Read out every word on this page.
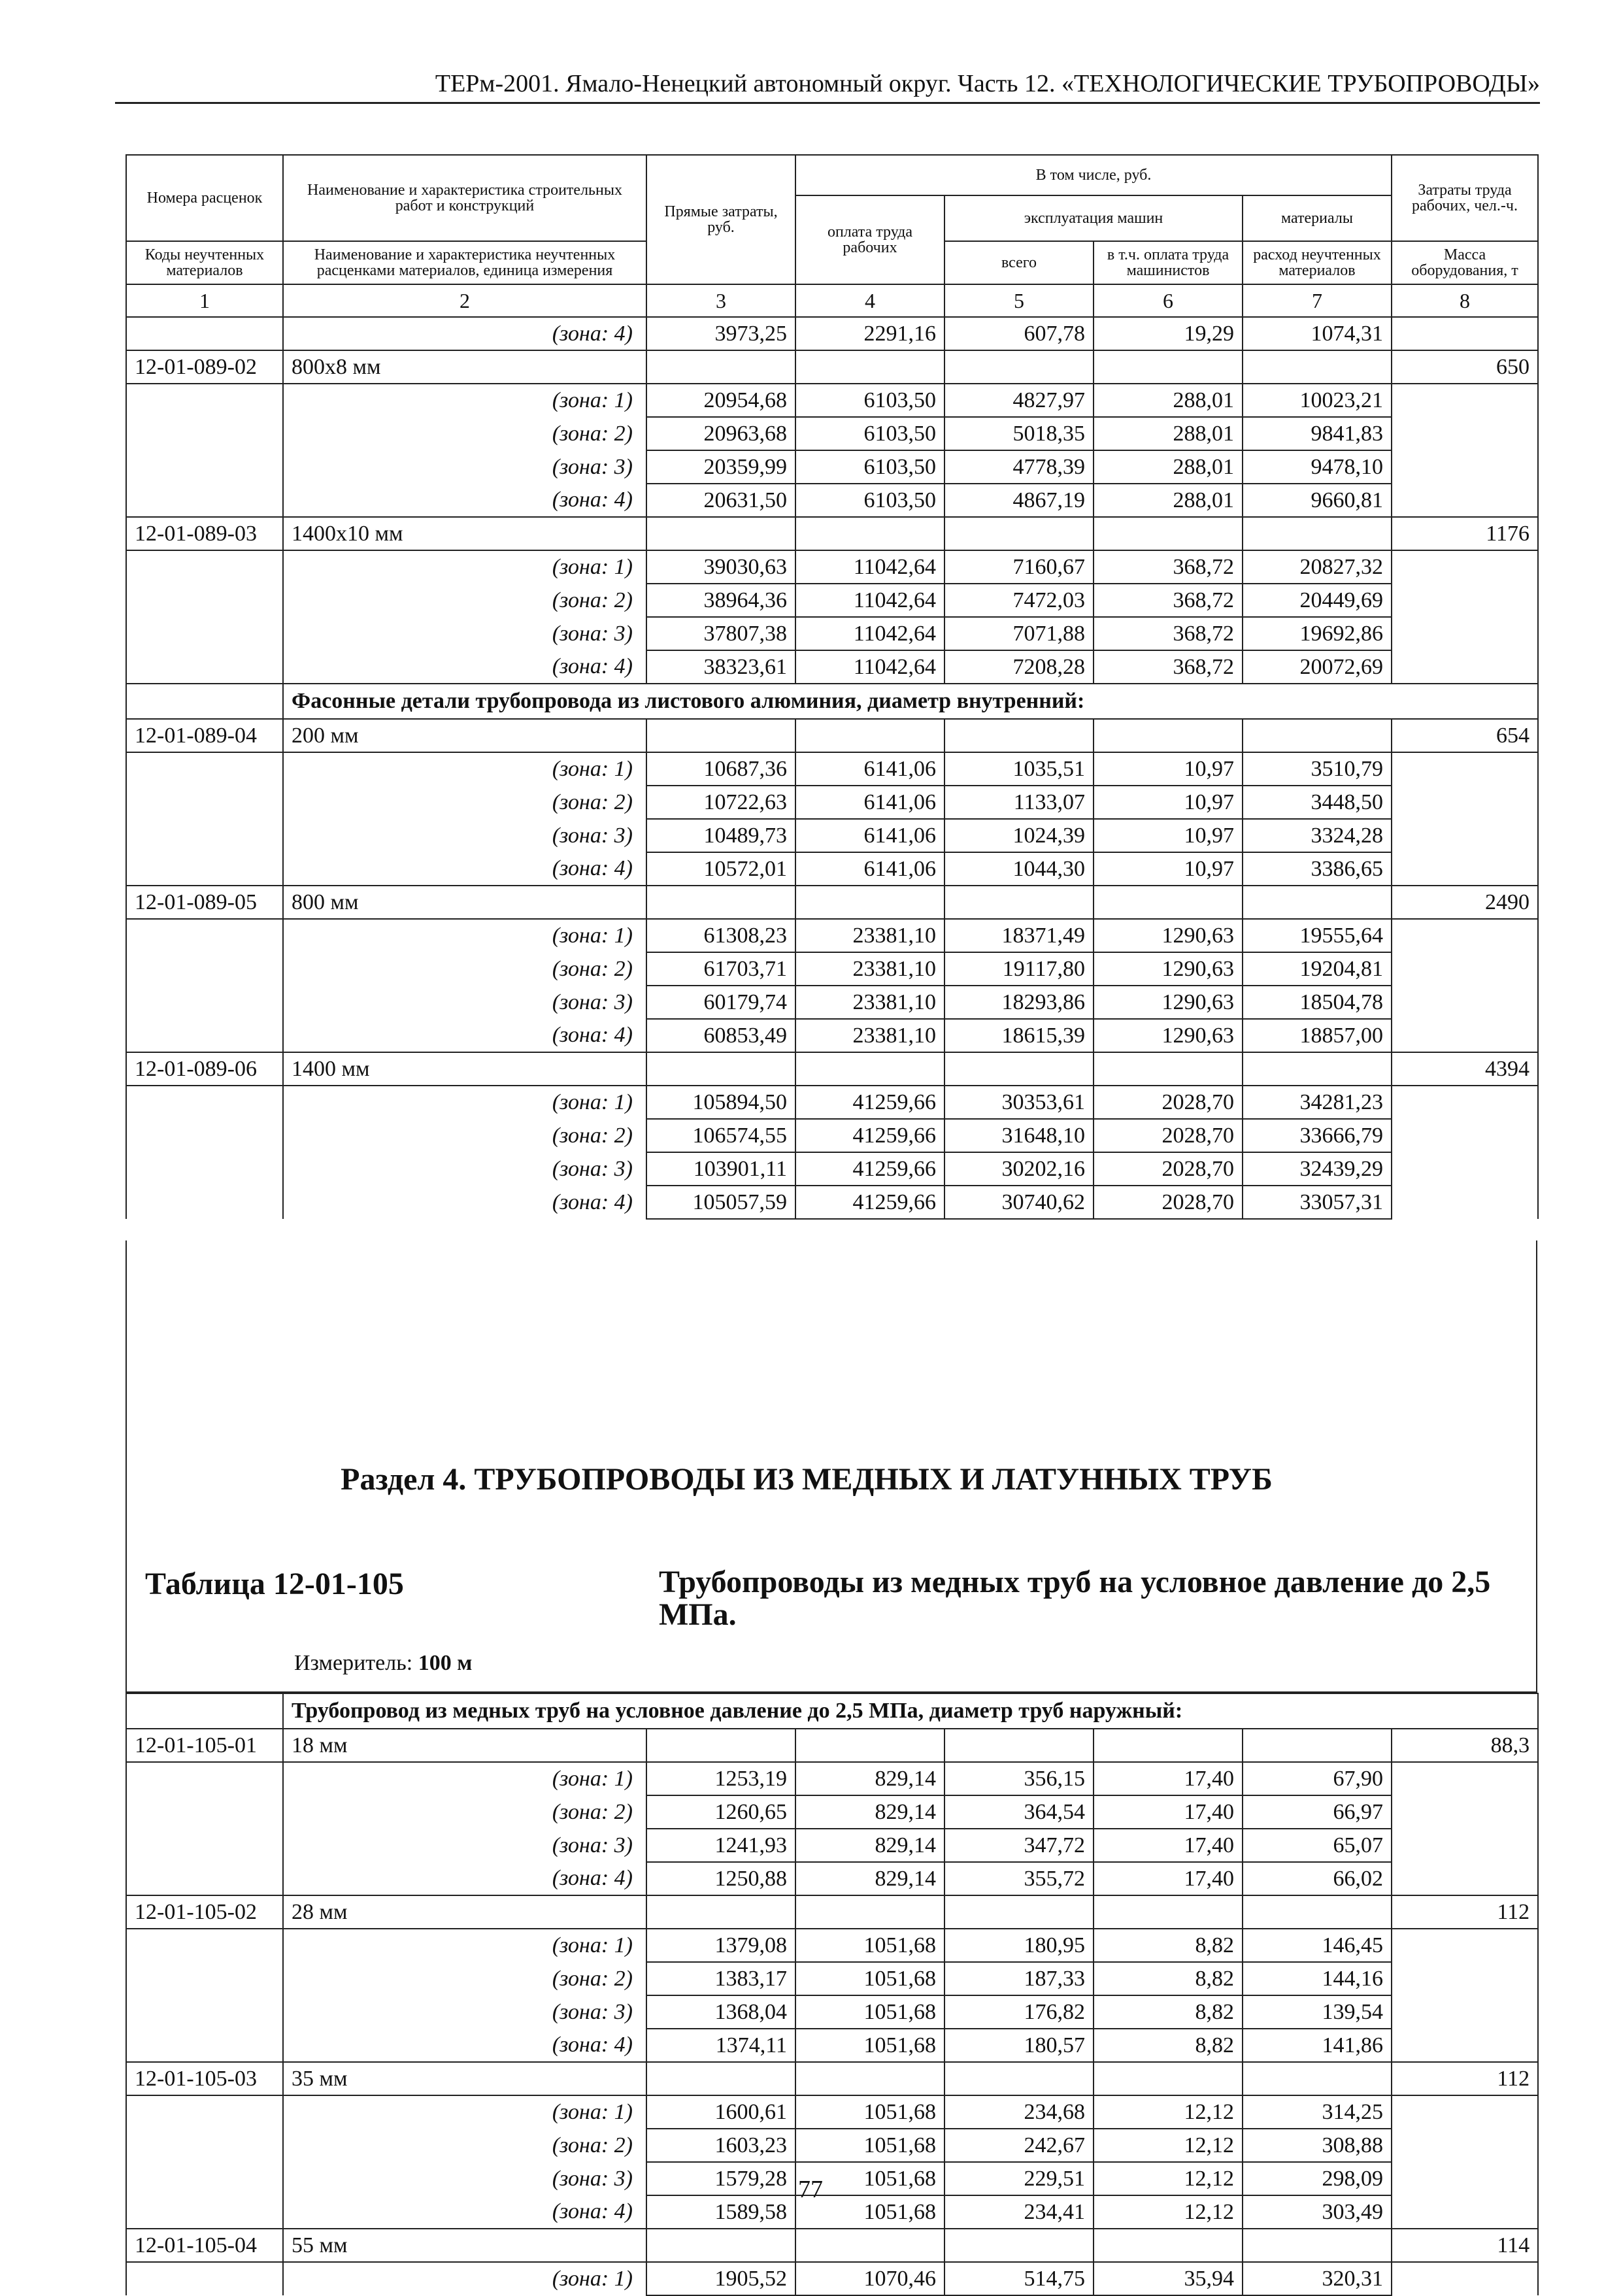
ТЕРм-2001. Ямало-Ненецкий автономный округ. Часть 12. «ТЕХНОЛОГИЧЕСКИЕ ТРУБОПРОВОДЫ»
Номера расценок	Наименование и характеристика строительных работ и конструкций	Прямые затраты, руб.	В том числе, руб.				Затраты труда рабочих, чел.-ч.
			оплата труда рабочих	эксплуатация машин		материалы	
Коды неучтенных материалов	Наименование и характеристика неучтенных расценками материалов, единица измерения			всего	в т.ч. оплата труда машинистов	расход неучтенных материалов	Масса оборудования, т
1	2	3	4	5	6	7	8
	(зона: 4)	3973,25	2291,16	607,78	19,29	1074,31	
12-01-089-02	800х8 мм						650
	(зона: 1)	20954,68	6103,50	4827,97	288,01	10023,21	
	(зона: 2)	20963,68	6103,50	5018,35	288,01	9841,83	
	(зона: 3)	20359,99	6103,50	4778,39	288,01	9478,10	
	(зона: 4)	20631,50	6103,50	4867,19	288,01	9660,81	
12-01-089-03	1400х10 мм						1176
	(зона: 1)	39030,63	11042,64	7160,67	368,72	20827,32	
	(зона: 2)	38964,36	11042,64	7472,03	368,72	20449,69	
	(зона: 3)	37807,38	11042,64	7071,88	368,72	19692,86	
	(зона: 4)	38323,61	11042,64	7208,28	368,72	20072,69	
	Фасонные детали трубопровода из листового алюминия, диаметр внутренний:						
12-01-089-04	200 мм						654
	(зона: 1)	10687,36	6141,06	1035,51	10,97	3510,79	
	(зона: 2)	10722,63	6141,06	1133,07	10,97	3448,50	
	(зона: 3)	10489,73	6141,06	1024,39	10,97	3324,28	
	(зона: 4)	10572,01	6141,06	1044,30	10,97	3386,65	
12-01-089-05	800 мм						2490
	(зона: 1)	61308,23	23381,10	18371,49	1290,63	19555,64	
	(зона: 2)	61703,71	23381,10	19117,80	1290,63	19204,81	
	(зона: 3)	60179,74	23381,10	18293,86	1290,63	18504,78	
	(зона: 4)	60853,49	23381,10	18615,39	1290,63	18857,00	
12-01-089-06	1400 мм						4394
	(зона: 1)	105894,50	41259,66	30353,61	2028,70	34281,23	
	(зона: 2)	106574,55	41259,66	31648,10	2028,70	33666,79	
	(зона: 3)	103901,11	41259,66	30202,16	2028,70	32439,29	
	(зона: 4)	105057,59	41259,66	30740,62	2028,70	33057,31	
Раздел 4. ТРУБОПРОВОДЫ ИЗ МЕДНЫХ И ЛАТУННЫХ ТРУБ
Таблица 12-01-105	Трубопроводы из медных труб на условное давление до 2,5 МПа.
Измеритель: 100 м
	Трубопровод из медных труб на условное давление до 2,5 МПа, диаметр труб наружный:						
12-01-105-01	18 мм						88,3
	(зона: 1)	1253,19	829,14	356,15	17,40	67,90	
	(зона: 2)	1260,65	829,14	364,54	17,40	66,97	
	(зона: 3)	1241,93	829,14	347,72	17,40	65,07	
	(зона: 4)	1250,88	829,14	355,72	17,40	66,02	
12-01-105-02	28 мм						112
	(зона: 1)	1379,08	1051,68	180,95	8,82	146,45	
	(зона: 2)	1383,17	1051,68	187,33	8,82	144,16	
	(зона: 3)	1368,04	1051,68	176,82	8,82	139,54	
	(зона: 4)	1374,11	1051,68	180,57	8,82	141,86	
12-01-105-03	35 мм						112
	(зона: 1)	1600,61	1051,68	234,68	12,12	314,25	
	(зона: 2)	1603,23	1051,68	242,67	12,12	308,88	
	(зона: 3)	1579,28	1051,68	229,51	12,12	298,09	
	(зона: 4)	1589,58	1051,68	234,41	12,12	303,49	
12-01-105-04	55 мм						114
	(зона: 1)	1905,52	1070,46	514,75	35,94	320,31	
77
